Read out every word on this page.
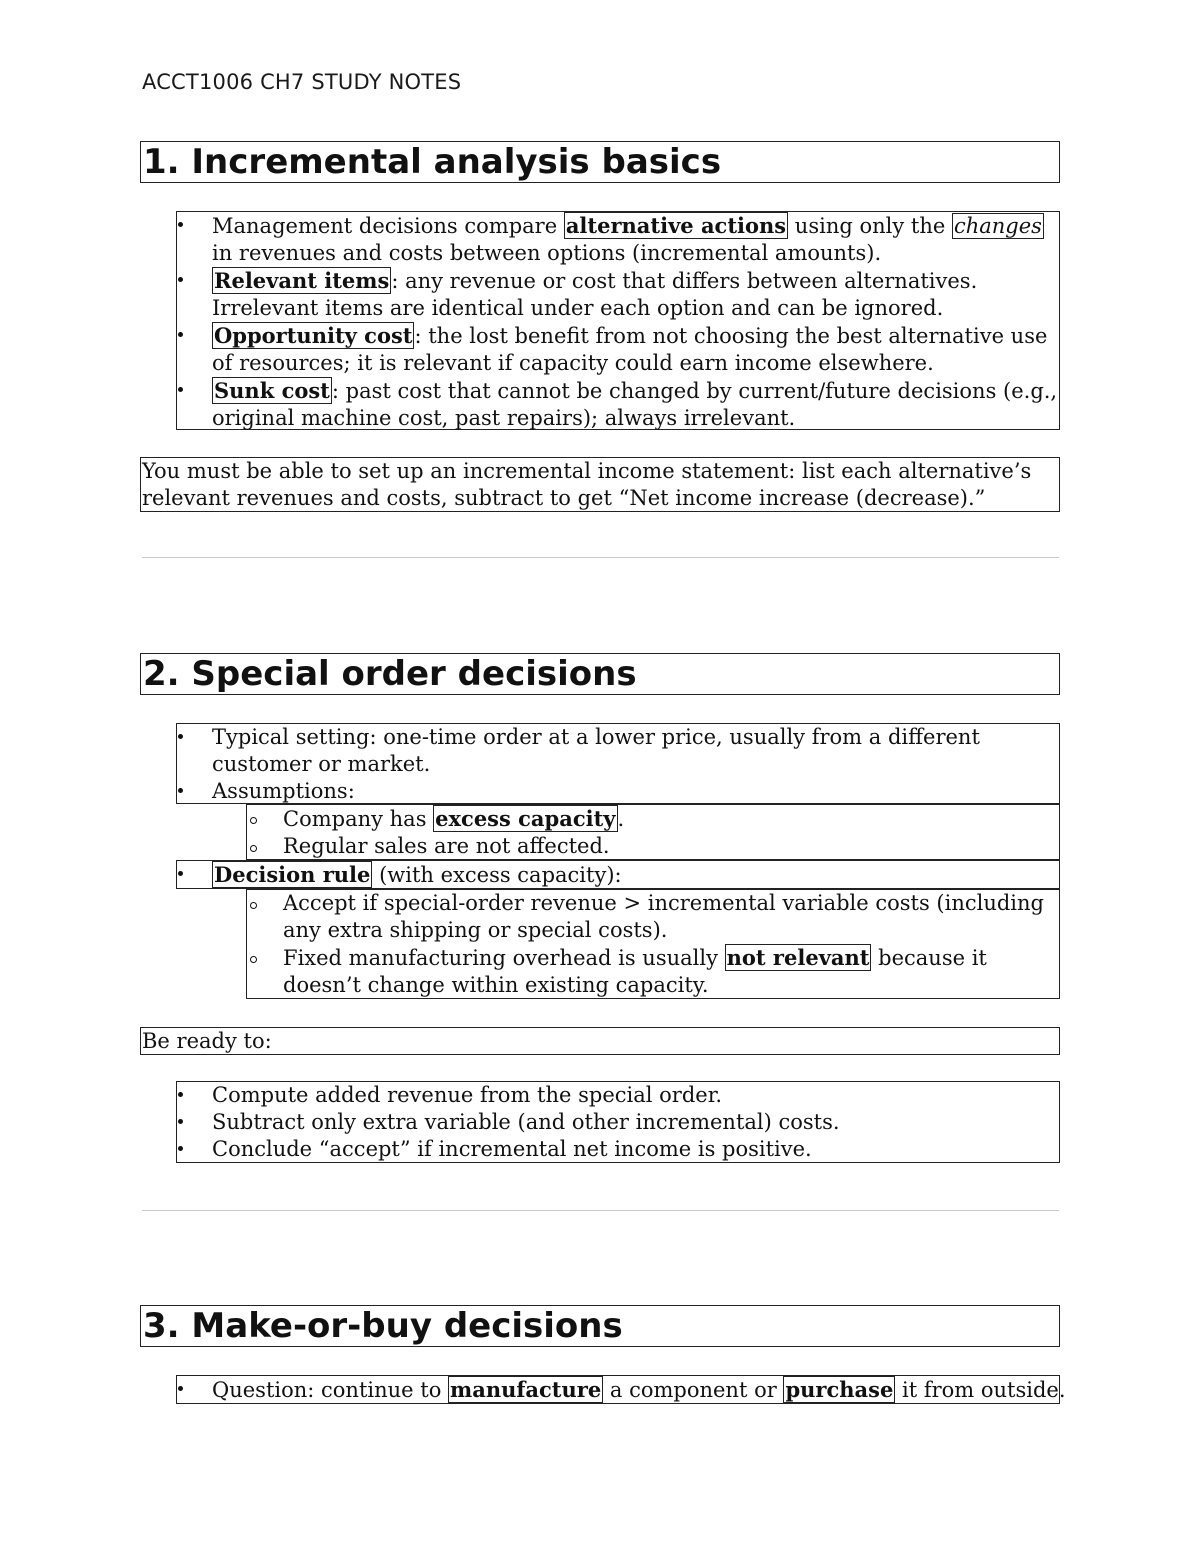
ACCT1006 CH7 STUDY NOTES
1. Incremental analysis basics
Management decisions compare alternative actions using only the changes in revenues and costs between options (incremental amounts).
Relevant items: any revenue or cost that differs between alternatives. Irrelevant items are identical under each option and can be ignored.
Opportunity cost: the lost benefit from not choosing the best alternative use of resources; it is relevant if capacity could earn income elsewhere.
Sunk cost: past cost that cannot be changed by current/future decisions (e.g., original machine cost, past repairs); always irrelevant.
You must be able to set up an incremental income statement: list each alternative’s relevant revenues and costs, subtract to get “Net income increase (decrease).”
2. Special order decisions
Typical setting: one-time order at a lower price, usually from a different customer or market.
Assumptions:
Company has excess capacity.
Regular sales are not affected.
Decision rule (with excess capacity):
Accept if special-order revenue > incremental variable costs (including any extra shipping or special costs).
Fixed manufacturing overhead is usually not relevant because it doesn’t change within existing capacity.
Be ready to:
Compute added revenue from the special order.
Subtract only extra variable (and other incremental) costs.
Conclude “accept” if incremental net income is positive.
3. Make-or-buy decisions
Question: continue to manufacture a component or purchase it from outside.
